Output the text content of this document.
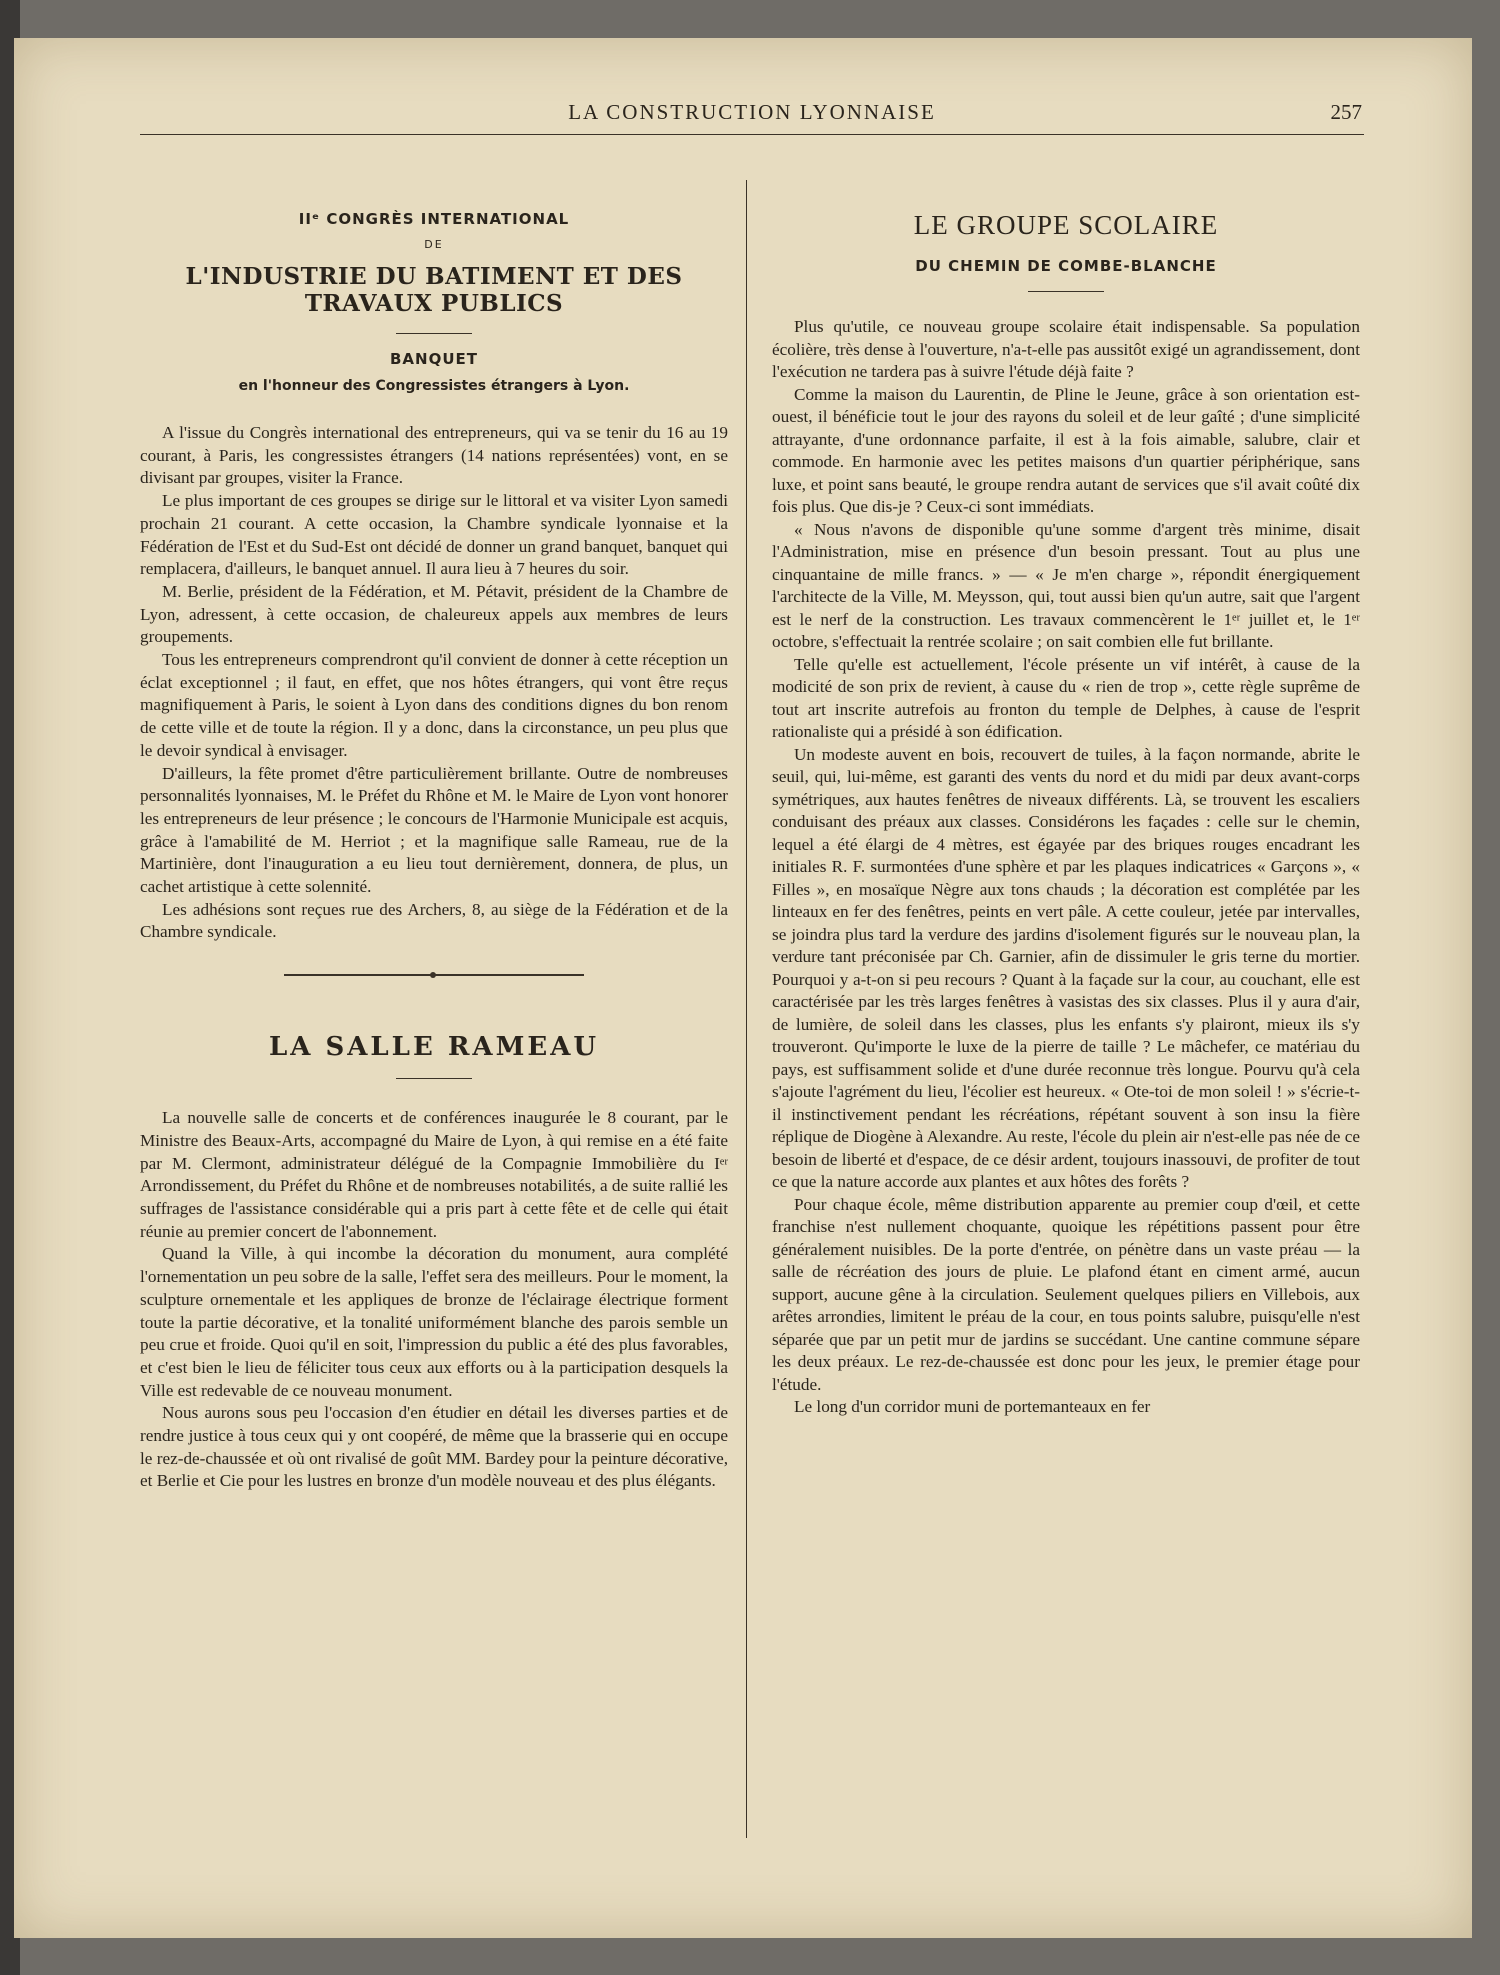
LA CONSTRUCTION LYONNAISE	257
IIᵉ CONGRÈS INTERNATIONAL
DE
L'INDUSTRIE DU BATIMENT ET DES TRAVAUX PUBLICS
BANQUET
en l'honneur des Congressistes étrangers à Lyon.

A l'issue du Congrès international des entrepreneurs, qui va se tenir du 16 au 19 courant, à Paris, les congressistes étrangers (14 nations représentées) vont, en se divisant par groupes, visiter la France.

Le plus important de ces groupes se dirige sur le littoral et va visiter Lyon samedi prochain 21 courant. A cette occasion, la Chambre syndicale lyonnaise et la Fédération de l'Est et du Sud-Est ont décidé de donner un grand banquet, banquet qui remplacera, d'ailleurs, le banquet annuel. Il aura lieu à 7 heures du soir.

M. Berlie, président de la Fédération, et M. Pétavit, président de la Chambre de Lyon, adressent, à cette occasion, de chaleureux appels aux membres de leurs groupements.

Tous les entrepreneurs comprendront qu'il convient de donner à cette réception un éclat exceptionnel ; il faut, en effet, que nos hôtes étrangers, qui vont être reçus magnifiquement à Paris, le soient à Lyon dans des conditions dignes du bon renom de cette ville et de toute la région. Il y a donc, dans la circonstance, un peu plus que le devoir syndical à envisager.

D'ailleurs, la fête promet d'être particulièrement brillante. Outre de nombreuses personnalités lyonnaises, M. le Préfet du Rhône et M. le Maire de Lyon vont honorer les entrepreneurs de leur présence ; le concours de l'Harmonie Municipale est acquis, grâce à l'amabilité de M. Herriot ; et la magnifique salle Rameau, rue de la Martinière, dont l'inauguration a eu lieu tout dernièrement, donnera, de plus, un cachet artistique à cette solennité.

Les adhésions sont reçues rue des Archers, 8, au siège de la Fédération et de la Chambre syndicale.

LA SALLE RAMEAU

La nouvelle salle de concerts et de conférences inaugurée le 8 courant, par le Ministre des Beaux-Arts, accompagné du Maire de Lyon, à qui remise en a été faite par M. Clermont, administrateur délégué de la Compagnie Immobilière du Iᵉʳ Arrondissement, du Préfet du Rhône et de nombreuses notabilités, a de suite rallié les suffrages de l'assistance considérable qui a pris part à cette fête et de celle qui était réunie au premier concert de l'abonnement.

Quand la Ville, à qui incombe la décoration du monument, aura complété l'ornementation un peu sobre de la salle, l'effet sera des meilleurs. Pour le moment, la sculpture ornementale et les appliques de bronze de l'éclairage électrique forment toute la partie décorative, et la tonalité uniformément blanche des parois semble un peu crue et froide. Quoi qu'il en soit, l'impression du public a été des plus favorables, et c'est bien le lieu de féliciter tous ceux aux efforts ou à la participation desquels la Ville est redevable de ce nouveau monument.

Nous aurons sous peu l'occasion d'en étudier en détail les diverses parties et de rendre justice à tous ceux qui y ont coopéré, de même que la brasserie qui en occupe le rez-de-chaussée et où ont rivalisé de goût MM. Bardey pour la peinture décorative, et Berlie et Cie pour les lustres en bronze d'un modèle nouveau et des plus élégants.

LE GROUPE SCOLAIRE
DU CHEMIN DE COMBE-BLANCHE

Plus qu'utile, ce nouveau groupe scolaire était indispensable. Sa population écolière, très dense à l'ouverture, n'a-t-elle pas aussitôt exigé un agrandissement, dont l'exécution ne tardera pas à suivre l'étude déjà faite ?

Comme la maison du Laurentin, de Pline le Jeune, grâce à son orientation est-ouest, il bénéficie tout le jour des rayons du soleil et de leur gaîté ; d'une simplicité attrayante, d'une ordonnance parfaite, il est à la fois aimable, salubre, clair et commode. En harmonie avec les petites maisons d'un quartier périphérique, sans luxe, et point sans beauté, le groupe rendra autant de services que s'il avait coûté dix fois plus. Que dis-je ? Ceux-ci sont immédiats.

« Nous n'avons de disponible qu'une somme d'argent très minime, disait l'Administration, mise en présence d'un besoin pressant. Tout au plus une cinquantaine de mille francs. » — « Je m'en charge », répondit énergiquement l'architecte de la Ville, M. Meysson, qui, tout aussi bien qu'un autre, sait que l'argent est le nerf de la construction. Les travaux commencèrent le 1ᵉʳ juillet et, le 1ᵉʳ octobre, s'effectuait la rentrée scolaire ; on sait combien elle fut brillante.

Telle qu'elle est actuellement, l'école présente un vif intérêt, à cause de la modicité de son prix de revient, à cause du « rien de trop », cette règle suprême de tout art inscrite autrefois au fronton du temple de Delphes, à cause de l'esprit rationaliste qui a présidé à son édification.

Un modeste auvent en bois, recouvert de tuiles, à la façon normande, abrite le seuil, qui, lui-même, est garanti des vents du nord et du midi par deux avant-corps symétriques, aux hautes fenêtres de niveaux différents. Là, se trouvent les escaliers conduisant des préaux aux classes. Considérons les façades : celle sur le chemin, lequel a été élargi de 4 mètres, est égayée par des briques rouges encadrant les initiales R. F. surmontées d'une sphère et par les plaques indicatrices « Garçons », « Filles », en mosaïque Nègre aux tons chauds ; la décoration est complétée par les linteaux en fer des fenêtres, peints en vert pâle. A cette couleur, jetée par intervalles, se joindra plus tard la verdure des jardins d'isolement figurés sur le nouveau plan, la verdure tant préconisée par Ch. Garnier, afin de dissimuler le gris terne du mortier. Pourquoi y a-t-on si peu recours ? Quant à la façade sur la cour, au couchant, elle est caractérisée par les très larges fenêtres à vasistas des six classes. Plus il y aura d'air, de lumière, de soleil dans les classes, plus les enfants s'y plairont, mieux ils s'y trouveront. Qu'importe le luxe de la pierre de taille ? Le mâchefer, ce matériau du pays, est suffisamment solide et d'une durée reconnue très longue. Pourvu qu'à cela s'ajoute l'agrément du lieu, l'écolier est heureux. « Ote-toi de mon soleil ! » s'écrie-t-il instinctivement pendant les récréations, répétant souvent à son insu la fière réplique de Diogène à Alexandre. Au reste, l'école du plein air n'est-elle pas née de ce besoin de liberté et d'espace, de ce désir ardent, toujours inassouvi, de profiter de tout ce que la nature accorde aux plantes et aux hôtes des forêts ?

Pour chaque école, même distribution apparente au premier coup d'œil, et cette franchise n'est nullement choquante, quoique les répétitions passent pour être généralement nuisibles. De la porte d'entrée, on pénètre dans un vaste préau — la salle de récréation des jours de pluie. Le plafond étant en ciment armé, aucun support, aucune gêne à la circulation. Seulement quelques piliers en Villebois, aux arêtes arrondies, limitent le préau de la cour, en tous points salubre, puisqu'elle n'est séparée que par un petit mur de jardins se succédant. Une cantine commune sépare les deux préaux. Le rez-de-chaussée est donc pour les jeux, le premier étage pour l'étude.

Le long d'un corridor muni de portemanteaux en fer
